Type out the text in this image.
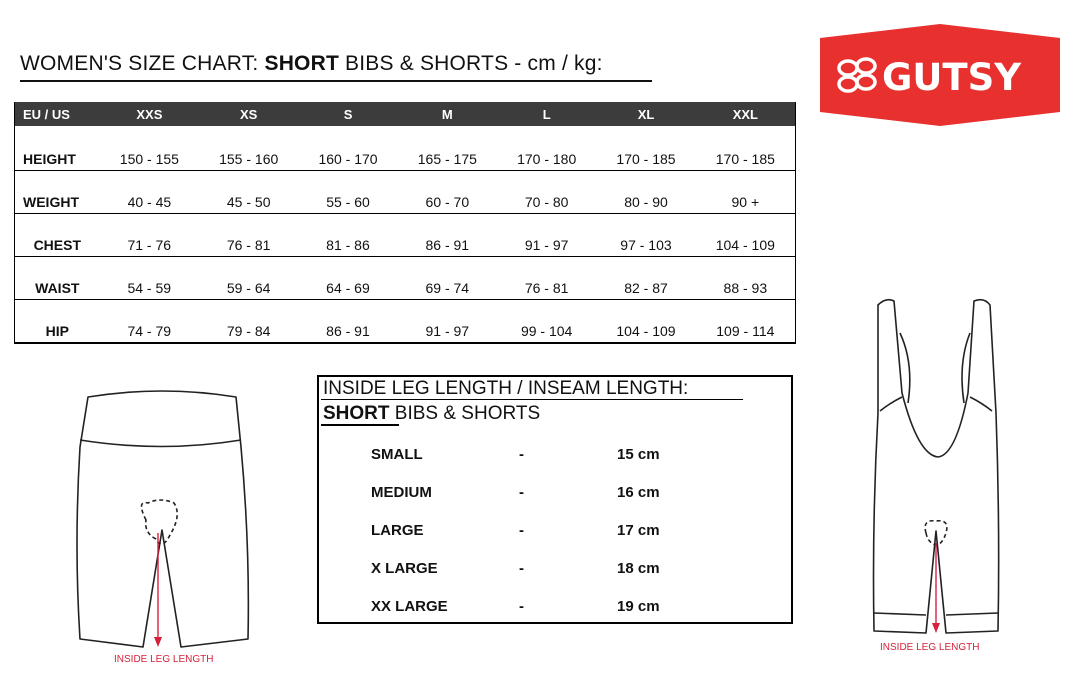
WOMEN'S SIZE CHART: SHORT BIBS & SHORTS - cm / kg:	GUTSY
EU / US	XXS	XS	S	M	L	XL	XXL
HEIGHT	150 - 155	155 - 160	160 - 170	165 - 175	170 - 180	170 - 185	170 - 185
WEIGHT	40 - 45	45 - 50	55 - 60	60 - 70	70 - 80	80 - 90	90 +
CHEST	71 - 76	76 - 81	81 - 86	86 - 91	91 - 97	97 - 103	104 - 109
WAIST	54 - 59	59 - 64	64 - 69	69 - 74	76 - 81	82 - 87	88 - 93
HIP	74 - 79	79 - 84	86 - 91	91 - 97	99 - 104	104 - 109	109 - 114
INSIDE LEG LENGTH / INSEAM LENGTH:
SHORT BIBS & SHORTS
SMALL	-	15 cm
MEDIUM	-	16 cm
LARGE	-	17 cm
X LARGE	-	18 cm
XX LARGE	-	19 cm
INSIDE LEG LENGTH
INSIDE LEG LENGTH
